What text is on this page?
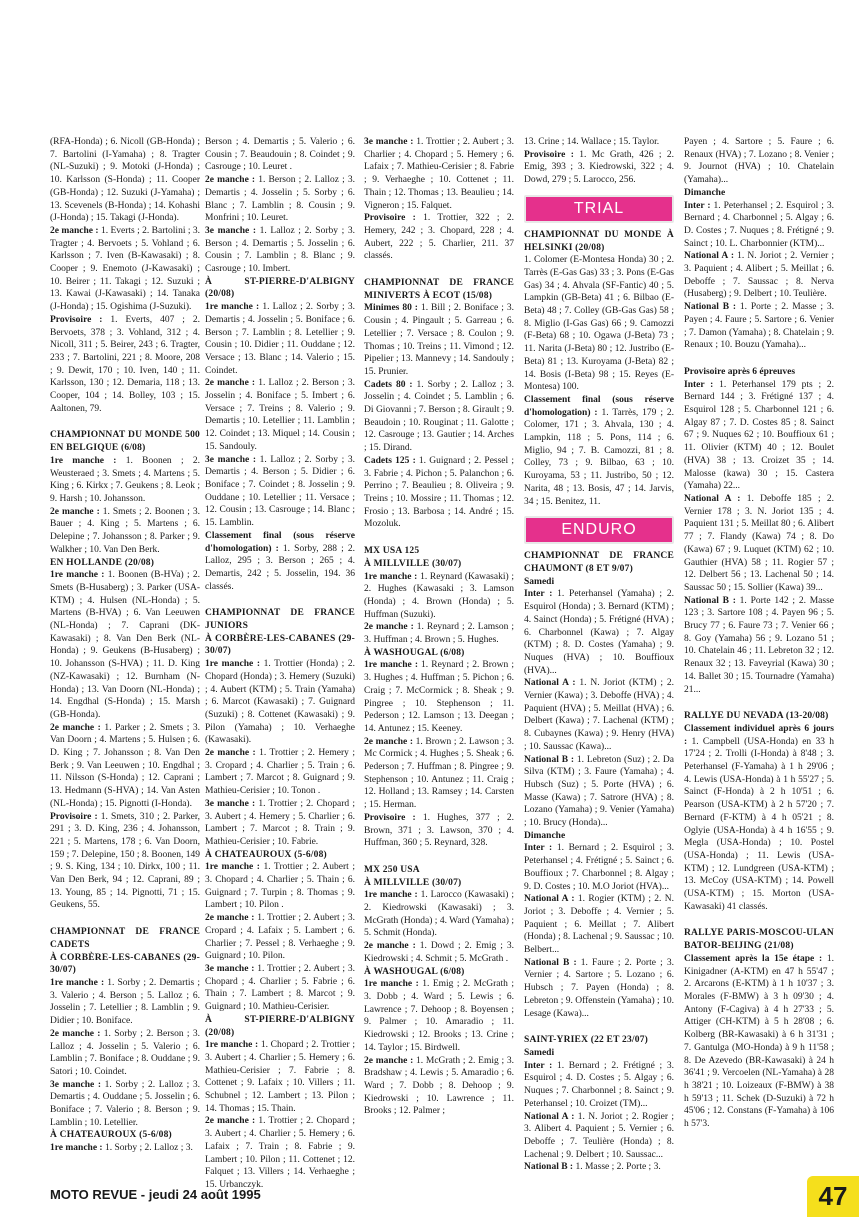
(RFA-Honda) ; 6. Nicoll (GB-Honda) ; 7. Bartolini (I-Yamaha) ; 8. Tragter (NL-Suzuki) ; 9. Motoki (J-Honda) ; 10. Karlsson (S-Honda) ; 11. Cooper (GB-Honda) ; 12. Suzuki (J-Yamaha) ; 13. Scevenels (B-Honda) ; 14. Kohashi (J-Honda) ; 15. Takagi (J-Honda).

2e manche : 1. Everts ; 2. Bartolini ; 3. Tragter ; 4. Bervoets ; 5. Vohland ; 6. Karlsson ; 7. Iven (B-Kawasaki) ; 8. Cooper ; 9. Enemoto (J-Kawasaki) ; 10. Beirer ; 11. Takagi ; 12. Suzuki ; 13. Kawai (J-Kawasaki) ; 14. Tanaka (J-Honda) ; 15. Ogishima (J-Suzuki).

Provisoire : 1. Everts, 407 ; 2. Bervoets, 378 ; 3. Vohland, 312 ; 4. Nicoll, 311 ; 5. Beirer, 243 ; 6. Tragter, 233 ; 7. Bartolini, 221 ; 8. Moore, 208 ; 9. Dewit, 170 ; 10. Iven, 140 ; 11. Karlsson, 130 ; 12. Demaria, 118 ; 13. Cooper, 104 ; 14. Bolley, 103 ; 15. Aaltonen, 79.

CHAMPIONNAT DU MONDE 500 EN BELGIQUE (6/08)

1re manche : 1. Boonen ; 2. Weusteraed ; 3. Smets ; 4. Martens ; 5. King ; 6. Kirkx ; 7. Geukens ; 8. Leok ; 9. Harsh ; 10. Johansson.

2e manche : 1. Smets ; 2. Boonen ; 3. Bauer ; 4. King ; 5. Martens ; 6. Delepine ; 7. Johansson ; 8. Parker ; 9. Walkher ; 10. Van Den Berk.

EN HOLLANDE (20/08)

1re manche : 1. Boonen (B-HVa) ; 2. Smets (B-Husaberg) ; 3. Parker (USA-KTM) ; 4. Hulsen (NL-Honda) ; 5. Martens (B-HVA) ; 6. Van Leeuwen (NL-Honda) ; 7. Caprani (DK-Kawasaki) ; 8. Van Den Berk (NL-Honda) ; 9. Geukens (B-Husaberg) ; 10. Johansson (S-HVA) ; 11. D. King (NZ-Kawasaki) ; 12. Burnham (N-Honda) ; 13. Van Doorn (NL-Honda) ; 14. Engdhal (S-Honda) ; 15. Marsh (GB-Honda).

2e manche : 1. Parker ; 2. Smets ; 3. Van Doorn ; 4. Martens ; 5. Hulsen ; 6. D. King ; 7. Johansson ; 8. Van Den Berk ; 9. Van Leeuwen ; 10. Engdhal ; 11. Nilsson (S-Honda) ; 12. Caprani ; 13. Hedmann (S-HVA) ; 14. Van Asten (NL-Honda) ; 15. Pignotti (I-Honda).

Provisoire : 1. Smets, 310 ; 2. Parker, 291 ; 3. D. King, 236 ; 4. Johansson, 221 ; 5. Martens, 178 ; 6. Van Doorn, 159 ; 7. Delepine, 150 ; 8. Boonen, 149 ; 9. S. King, 134 ; 10. Dirkx, 100 ; 11. Van Den Berk, 94 ; 12. Caprani, 89 ; 13. Young, 85 ; 14. Pignotti, 71 ; 15. Geukens, 55.

CHAMPIONNAT DE FRANCE CADETS

À CORBÈRE-LES-CABANES (29-30/07)

1re manche : 1. Sorby ; 2. Demartis ; 3. Valerio ; 4. Berson ; 5. Lalloz ; 6. Josselin ; 7. Letellier ; 8. Lamblin ; 9. Didier ; 10. Boniface.

2e manche : 1. Sorby ; 2. Berson ; 3. Lalloz ; 4. Josselin ; 5. Valerio ; 6. Lamblin ; 7. Boniface ; 8. Ouddane ; 9. Satori ; 10. Coindet.

3e manche : 1. Sorby ; 2. Lalloz ; 3. Demartis ; 4. Ouddane ; 5. Josselin ; 6. Boniface ; 7. Valerio ; 8. Berson ; 9. Lamblin ; 10. Letellier.

À CHATEAUROUX (5-6/08)

1re manche : 1. Sorby ; 2. Lalloz ; 3.

Berson ; 4. Demartis ; 5. Valerio ; 6. Cousin ; 7. Beaudouin ; 8. Coindet ; 9. Casrouge ; 10. Leuret .

2e manche : 1. Berson ; 2. Lalloz ; 3. Demartis ; 4. Josselin ; 5. Sorby ; 6. Blanc ; 7. Lamblin ; 8. Cousin ; 9. Monfrini ; 10. Leuret.

3e manche : 1. Lalloz ; 2. Sorby ; 3. Berson ; 4. Demartis ; 5. Josselin ; 6. Cousin ; 7. Lamblin ; 8. Blanc ; 9. Casrouge ; 10. Imbert.

À ST-PIERRE-D'ALBIGNY (20/08)

1re manche : 1. Lalloz ; 2. Sorby ; 3. Demartis ; 4. Josselin ; 5. Boniface ; 6. Berson ; 7. Lamblin ; 8. Letellier ; 9. Cousin ; 10. Didier ; 11. Ouddane ; 12. Versace ; 13. Blanc ; 14. Valerio ; 15. Coindet.

2e manche : 1. Lalloz ; 2. Berson ; 3. Josselin ; 4. Boniface ; 5. Imbert ; 6. Versace ; 7. Treins ; 8. Valerio ; 9. Demartis ; 10. Letellier ; 11. Lamblin ; 12. Coindet ; 13. Miquel ; 14. Cousin ; 15. Sandouly.

3e manche : 1. Lalloz ; 2. Sorby ; 3. Demartis ; 4. Berson ; 5. Didier ; 6. Boniface ; 7. Coindet ; 8. Josselin ; 9. Ouddane ; 10. Letellier ; 11. Versace ; 12. Cousin ; 13. Casrouge ; 14. Blanc ; 15. Lamblin.

Classement final (sous réserve d'homologation) : 1. Sorby, 288 ; 2. Lalloz, 295 ; 3. Berson ; 265 ; 4. Demartis, 242 ; 5. Josselin, 194. 36 classés.

CHAMPIONNAT DE FRANCE JUNIORS

À CORBÈRE-LES-CABANES (29-30/07)

1re manche : 1. Trottier (Honda) ; 2. Chopard (Honda) ; 3. Hemery (Suzuki) ; 4. Aubert (KTM) ; 5. Train (Yamaha) ; 6. Marcot (Kawasaki) ; 7. Guignard (Suzuki) ; 8. Cottenet (Kawasaki) ; 9. Pilon (Yamaha) ; 10. Verhaeghe (Kawasaki).

2e manche : 1. Trottier ; 2. Hemery ; 3. Cropard ; 4. Charlier ; 5. Train ; 6. Lambert ; 7. Marcot ; 8. Guignard ; 9. Mathieu-Cerisier ; 10. Tonon .

3e manche : 1. Trottier ; 2. Chopard ; 3. Aubert ; 4. Hemery ; 5. Charlier ; 6. Lambert ; 7. Marcot ; 8. Train ; 9. Mathieu-Cerisier ; 10. Fabrie.

À CHATEAUROUX (5-6/08)

1re manche : 1. Trottier ; 2. Aubert ; 3. Chopard ; 4. Charlier ; 5. Thain ; 6. Guignard ; 7. Turpin ; 8. Thomas ; 9. Lambert ; 10. Pilon .

2e manche : 1. Trottier ; 2. Aubert ; 3. Cropard ; 4. Lafaix ; 5. Lambert ; 6. Charlier ; 7. Pessel ; 8. Verhaeghe ; 9. Guignard ; 10. Pilon.

3e manche : 1. Trottier ; 2. Aubert ; 3. Chopard ; 4. Charlier ; 5. Fabrie ; 6. Thain ; 7. Lambert ; 8. Marcot ; 9. Guignard ; 10. Mathieu-Cerisier.

À ST-PIERRE-D'ALBIGNY (20/08)

1re manche : 1. Chopard ; 2. Trottier ; 3. Aubert ; 4. Charlier ; 5. Hemery ; 6. Mathieu-Cerisier ; 7. Fabrie ; 8. Cottenet ; 9. Lafaix ; 10. Villers ; 11. Schubnel ; 12. Lambert ; 13. Pilon ; 14. Thomas ; 15. Thain.

2e manche : 1. Trottier ; 2. Chopard ; 3. Aubert ; 4. Charlier ; 5. Hemery ; 6. Lafaix ; 7. Train ; 8. Fabrie ; 9. Lambert ; 10. Pilon ; 11. Cottenet ; 12. Falquet ; 13. Villers ; 14. Verhaeghe ; 15. Urbanczyk.

3e manche : 1. Trottier ; 2. Aubert ; 3. Charlier ; 4. Chopard ; 5. Hemery ; 6. Lafaix ; 7. Mathieu-Cerisier ; 8. Fabrie ; 9. Verhaeghe ; 10. Cottenet ; 11. Thain ; 12. Thomas ; 13. Beaulieu ; 14. Vigneron ; 15. Falquet.

Provisoire : 1. Trottier, 322 ; 2. Hemery, 242 ; 3. Chopard, 228 ; 4. Aubert, 222 ; 5. Charlier, 211. 37 classés.

CHAMPIONNAT DE FRANCE MINIVERTS À ECOT (15/08)

Minimes 80 : 1. Bill ; 2. Boniface ; 3. Cousin ; 4. Pingault ; 5. Garreau ; 6. Letellier ; 7. Versace ; 8. Coulon ; 9. Thomas ; 10. Treins ; 11. Vimond ; 12. Pipelier ; 13. Mannevy ; 14. Sandouly ; 15. Prunier.

Cadets 80 : 1. Sorby ; 2. Lalloz ; 3. Josselin ; 4. Coindet ; 5. Lamblin ; 6. Di Giovanni ; 7. Berson ; 8. Girault ; 9. Beaudoin ; 10. Rouginat ; 11. Galotte ; 12. Casrouge ; 13. Gautier ; 14. Arches ; 15. Dirand.

Cadets 125 : 1. Guignard ; 2. Pessel ; 3. Fabrie ; 4. Pichon ; 5. Palanchon ; 6. Perrino ; 7. Beaulieu ; 8. Oliveira ; 9. Treins ; 10. Mossire ; 11. Thomas ; 12. Frosio ; 13. Barbosa ; 14. André ; 15. Mozoluk.

MX USA 125

À MILLVILLE (30/07)

1re manche : 1. Reynard (Kawasaki) ; 2. Hughes (Kawasaki ; 3. Lamson (Honda) ; 4. Brown (Honda) ; 5. Huffman (Suzuki).

2e manche : 1. Reynard ; 2. Lamson ; 3. Huffman ; 4. Brown ; 5. Hughes.

À WASHOUGAL (6/08)

1re manche : 1. Reynard ; 2. Brown ; 3. Hughes ; 4. Huffman ; 5. Pichon ; 6. Craig ; 7. McCormick ; 8. Sheak ; 9. Pingree ; 10. Stephenson ; 11. Pederson ; 12. Lamson ; 13. Deegan ; 14. Antunez ; 15. Keeney.

2e manche : 1. Brown ; 2. Lawson ; 3. Mc Cormick ; 4. Hughes ; 5. Sheak ; 6. Pederson ; 7. Huffman ; 8. Pingree ; 9. Stephenson ; 10. Antunez ; 11. Craig ; 12. Holland ; 13. Ramsey ; 14. Carsten ; 15. Herman.

Provisoire : 1. Hughes, 377 ; 2. Brown, 371 ; 3. Lawson, 370 ; 4. Huffman, 360 ; 5. Reynard, 328.

MX 250 USA

À MILLVILLE (30/07)

1re manche : 1. Larocco (Kawasaki) ; 2. Kiedrowski (Kawasaki) ; 3. McGrath (Honda) ; 4. Ward (Yamaha) ; 5. Schmit (Honda).

2e manche : 1. Dowd ; 2. Emig ; 3. Kiedrowski ; 4. Schmit ; 5. McGrath .

À WASHOUGAL (6/08)

1re manche : 1. Emig ; 2. McGrath ; 3. Dobb ; 4. Ward ; 5. Lewis ; 6. Lawrence ; 7. Dehoop ; 8. Boyensen ; 9. Palmer ; 10. Amaradio ; 11. Kiedrowski ; 12. Brooks ; 13. Crine ; 14. Taylor ; 15. Birdwell.

2e manche : 1. McGrath ; 2. Emig ; 3. Bradshaw ; 4. Lewis ; 5. Amaradio ; 6. Ward ; 7. Dobb ; 8. Dehoop ; 9. Kiedrowski ; 10. Lawrence ; 11. Brooks ; 12. Palmer ;

13. Crine ; 14. Wallace ; 15. Taylor.

Provisoire : 1. Mc Grath, 426 ; 2. Emig, 393 ; 3. Kiedrowski, 322 ; 4. Dowd, 279 ; 5. Larocco, 256.

TRIAL

CHAMPIONNAT DU MONDE À HELSINKI (20/08)

1. Colomer (E-Montesa Honda) 30 ; 2. Tarrès (E-Gas Gas) 33 ; 3. Pons (E-Gas Gas) 34 ; 4. Ahvala (SF-Fantic) 40 ; 5. Lampkin (GB-Beta) 41 ; 6. Bilbao (E-Beta) 48 ; 7. Colley (GB-Gas Gas) 58 ; 8. Miglio (I-Gas Gas) 66 ; 9. Camozzi (F-Beta) 68 ; 10. Ogawa (J-Beta) 73 ; 11. Narita (J-Beta) 80 ; 12. Justribo (E-Beta) 81 ; 13. Kuroyama (J-Beta) 82 ; 14. Bosis (I-Beta) 98 ; 15. Reyes (E-Montesa) 100.

Classement final (sous réserve d'homologation) : 1. Tarrès, 179 ; 2. Colomer, 171 ; 3. Ahvala, 130 ; 4. Lampkin, 118 ; 5. Pons, 114 ; 6. Miglio, 94 ; 7. B. Camozzi, 81 ; 8. Colley, 73 ; 9. Bilbao, 63 ; 10. Kuroyama, 53 ; 11. Justribo, 50 ; 12. Narita, 48 ; 13. Bosis, 47 ; 14. Jarvis, 34 ; 15. Benitez, 11.

ENDURO

CHAMPIONNAT DE FRANCE CHAUMONT (8 ET 9/07)

Samedi

Inter : 1. Peterhansel (Yamaha) ; 2. Esquirol (Honda) ; 3. Bernard (KTM) ; 4. Sainct (Honda) ; 5. Frétigné (HVA) ; 6. Charbonnel (Kawa) ; 7. Algay (KTM) ; 8. D. Costes (Yamaha) ; 9. Nuques (HVA) ; 10. Bouffioux (HVA)...

National A : 1. N. Joriot (KTM) ; 2. Vernier (Kawa) ; 3. Deboffe (HVA) ; 4. Paquient (HVA) ; 5. Meillat (HVA) ; 6. Delbert (Kawa) ; 7. Lachenal (KTM) ; 8. Cubaynes (Kawa) ; 9. Henry (HVA) ; 10. Saussac (Kawa)...

National B : 1. Lebreton (Suz) ; 2. Da Silva (KTM) ; 3. Faure (Yamaha) ; 4. Hubsch (Suz) ; 5. Porte (HVA) ; 6. Masse (Kawa) ; 7. Satrore (HVA) ; 8. Lozano (Yamaha) ; 9. Venier (Yamaha) ; 10. Brucy (Honda)...

Dimanche

Inter : 1. Bernard ; 2. Esquirol ; 3. Peterhansel ; 4. Frétigné ; 5. Sainct ; 6. Bouffioux ; 7. Charbonnel ; 8. Algay ; 9. D. Costes ; 10. M.O Joriot (HVA)...

National A : 1. Rogier (KTM) ; 2. N. Joriot ; 3. Deboffe ; 4. Vernier ; 5. Paquient ; 6. Meillat ; 7. Alibert (Honda) ; 8. Lachenal ; 9. Saussac ; 10. Belbert...

National B : 1. Faure ; 2. Porte ; 3. Vernier ; 4. Sartore ; 5. Lozano ; 6. Hubsch ; 7. Payen (Honda) ; 8. Lebreton ; 9. Offenstein (Yamaha) ; 10. Lesage (Kawa)...

SAINT-YRIEX (22 ET 23/07)

Samedi

Inter : 1. Bernard ; 2. Frétigné ; 3. Esquirol ; 4. D. Costes ; 5. Algay ; 6. Nuques ; 7. Charbonnel ; 8. Sainct ; 9. Peterhansel ; 10. Croizet (TM)...

National A : 1. N. Joriot ; 2. Rogier ; 3. Alibert 4. Paquient ; 5. Vernier ; 6. Deboffe ; 7. Teulière (Honda) ; 8. Lachenal ; 9. Delbert ; 10. Saussac...

National B : 1. Masse ; 2. Porte ; 3.

Payen ; 4. Sartore ; 5. Faure ; 6. Renaux (HVA) ; 7. Lozano ; 8. Venier ; 9. Journot (HVA) ; 10. Chatelain (Yamaha)...

Dimanche

Inter : 1. Peterhansel ; 2. Esquirol ; 3. Bernard ; 4. Charbonnel ; 5. Algay ; 6. D. Costes ; 7. Nuques ; 8. Frétigné ; 9. Sainct ; 10. L. Charbonnier (KTM)...

National A : 1. N. Joriot ; 2. Vernier ; 3. Paquient ; 4. Alibert ; 5. Meillat ; 6. Deboffe ; 7. Saussac ; 8. Nerva (Husaberg) ; 9. Delbert ; 10. Teulière.

National B : 1. Porte ; 2. Masse ; 3. Payen ; 4. Faure ; 5. Sartore ; 6. Venier ; 7. Damon (Yamaha) ; 8. Chatelain ; 9. Renaux ; 10. Bouzu (Yamaha)...

Provisoire après 6 épreuves

Inter : 1. Peterhansel 179 pts ; 2. Bernard 144 ; 3. Frétigné 137 ; 4. Esquirol 128 ; 5. Charbonnel 121 ; 6. Algay 87 ; 7. D. Costes 85 ; 8. Sainct 67 ; 9. Nuques 62 ; 10. Bouffioux 61 ; 11. Olivier (KTM) 40 ; 12. Boulet (HVA) 38 ; 13. Croizet 35 ; 14. Malosse (kawa) 30 ; 15. Castera (Yamaha) 22...

National A : 1. Deboffe 185 ; 2. Vernier 178 ; 3. N. Joriot 135 ; 4. Paquient 131 ; 5. Meillat 80 ; 6. Alibert 77 ; 7. Flandy (Kawa) 74 ; 8. Do (Kawa) 67 ; 9. Luquet (KTM) 62 ; 10. Gauthier (HVA) 58 ; 11. Rogier 57 ; 12. Delbert 56 ; 13. Lachenal 50 ; 14. Saussac 50 ; 15. Sollier (Kawa) 39...

National B : 1. Porte 142 ; 2. Masse 123 ; 3. Sartore 108 ; 4. Payen 96 ; 5. Brucy 77 ; 6. Faure 73 ; 7. Venier 66 ; 8. Goy (Yamaha) 56 ; 9. Lozano 51 ; 10. Chatelain 46 ; 11. Lebreton 32 ; 12. Renaux 32 ; 13. Faveyrial (Kawa) 30 ; 14. Ballet 30 ; 15. Tournadre (Yamaha) 21...

RALLYE DU NEVADA (13-20/08)

Classement individuel après 6 jours : 1. Campbell (USA-Honda) en 33 h 17'24 ; 2. Trolli (I-Honda) à 8'48 ; 3. Peterhansel (F-Yamaha) à 1 h 29'06 ; 4. Lewis (USA-Honda) à 1 h 55'27 ; 5. Sainct (F-Honda) à 2 h 10'51 ; 6. Pearson (USA-KTM) à 2 h 57'20 ; 7. Bernard (F-KTM) à 4 h 05'21 ; 8. Oglyie (USA-Honda) à 4 h 16'55 ; 9. Megla (USA-Honda) ; 10. Postel (USA-Honda) ; 11. Lewis (USA-KTM) ; 12. Lundgreen (USA-KTM) ; 13. McCoy (USA-KTM) ; 14. Powell (USA-KTM) ; 15. Morton (USA-Kawasaki) 41 classés.

RALLYE PARIS-MOSCOU-ULAN BATOR-BEIJING (21/08)

Classement après la 15e étape : 1. Kinigadner (A-KTM) en 47 h 55'47 ; 2. Arcarons (E-KTM) à 1 h 10'37 ; 3. Morales (F-BMW) à 3 h 09'30 ; 4. Antony (F-Cagiva) à 4 h 27'33 ; 5. Attiger (CH-KTM) à 5 h 28'08 ; 6. Kolberg (BR-Kawasaki) à 6 h 31'31 ; 7. Gantulga (MO-Honda) à 9 h 11'58 ; 8. De Azevedo (BR-Kawasaki) à 24 h 36'41 ; 9. Vercoelen (NL-Yamaha) à 28 h 38'21 ; 10. Loizeaux (F-BMW) à 38 h 59'13 ; 11. Schek (D-Suzuki) à 72 h 45'06 ; 12. Constans (F-Yamaha) à 106 h 57'3.

MOTO REVUE - jeudi 24 août 1995	47
